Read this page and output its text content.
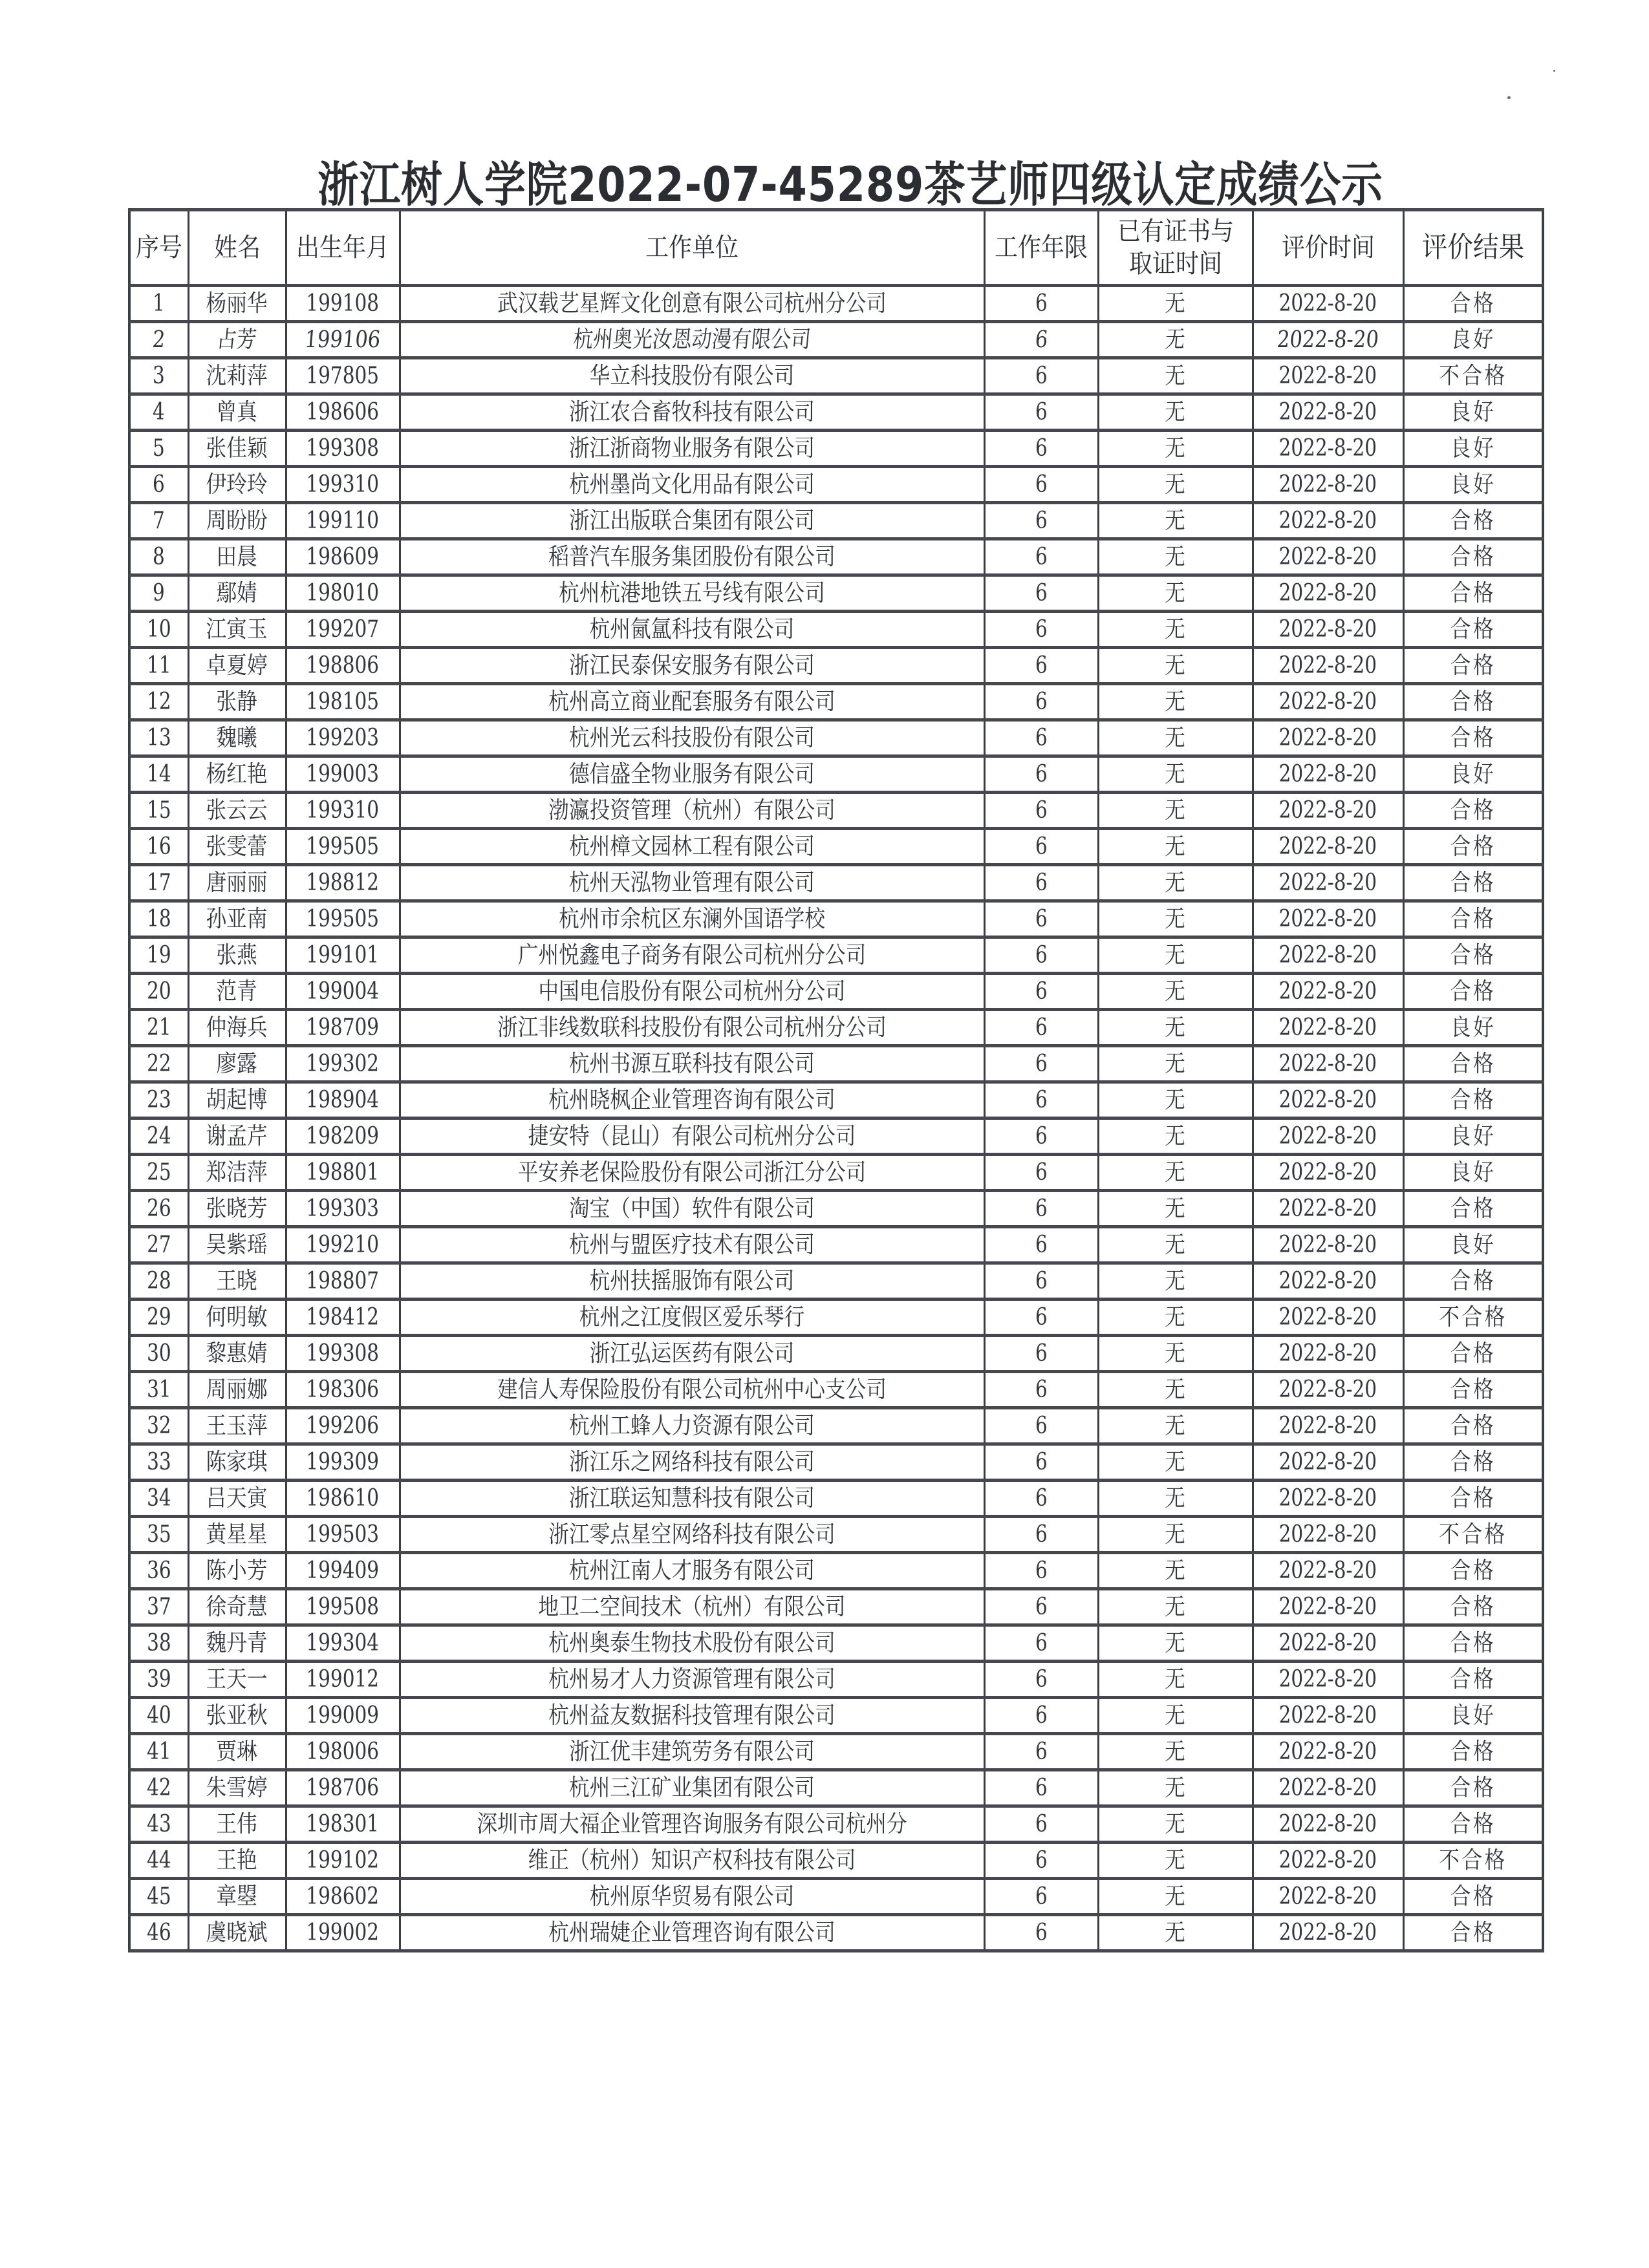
浙江树人学院2022-07-45289茶艺师四级认定成绩公示
序号	姓名	出生年月	工作单位	工作年限	已有证书与
取证时间	评价时间	评价结果
1	杨丽华	199108	武汉载艺星辉文化创意有限公司杭州分公司	6	无	2022-8-20	合格
2	占芳	199106	杭州奥光汝恩动漫有限公司	6	无	2022-8-20	良好
3	沈莉萍	197805	华立科技股份有限公司	6	无	2022-8-20	不合格
4	曾真	198606	浙江农合畜牧科技有限公司	6	无	2022-8-20	良好
5	张佳颖	199308	浙江浙商物业服务有限公司	6	无	2022-8-20	良好
6	伊玲玲	199310	杭州墨尚文化用品有限公司	6	无	2022-8-20	良好
7	周盼盼	199110	浙江出版联合集团有限公司	6	无	2022-8-20	合格
8	田晨	198609	稻普汽车服务集团股份有限公司	6	无	2022-8-20	合格
9	鄢婧	198010	杭州杭港地铁五号线有限公司	6	无	2022-8-20	合格
10	江寅玉	199207	杭州氤氲科技有限公司	6	无	2022-8-20	合格
11	卓夏婷	198806	浙江民泰保安服务有限公司	6	无	2022-8-20	合格
12	张静	198105	杭州高立商业配套服务有限公司	6	无	2022-8-20	合格
13	魏曦	199203	杭州光云科技股份有限公司	6	无	2022-8-20	合格
14	杨红艳	199003	德信盛全物业服务有限公司	6	无	2022-8-20	良好
15	张云云	199310	渤瀛投资管理（杭州）有限公司	6	无	2022-8-20	合格
16	张雯蕾	199505	杭州樟文园林工程有限公司	6	无	2022-8-20	合格
17	唐丽丽	198812	杭州天泓物业管理有限公司	6	无	2022-8-20	合格
18	孙亚南	199505	杭州市余杭区东澜外国语学校	6	无	2022-8-20	合格
19	张燕	199101	广州悦鑫电子商务有限公司杭州分公司	6	无	2022-8-20	合格
20	范青	199004	中国电信股份有限公司杭州分公司	6	无	2022-8-20	合格
21	仲海兵	198709	浙江非线数联科技股份有限公司杭州分公司	6	无	2022-8-20	良好
22	廖露	199302	杭州书源互联科技有限公司	6	无	2022-8-20	合格
23	胡起博	198904	杭州晓枫企业管理咨询有限公司	6	无	2022-8-20	合格
24	谢孟芹	198209	捷安特（昆山）有限公司杭州分公司	6	无	2022-8-20	良好
25	郑洁萍	198801	平安养老保险股份有限公司浙江分公司	6	无	2022-8-20	良好
26	张晓芳	199303	淘宝（中国）软件有限公司	6	无	2022-8-20	合格
27	吴紫瑶	199210	杭州与盟医疗技术有限公司	6	无	2022-8-20	良好
28	王晓	198807	杭州扶摇服饰有限公司	6	无	2022-8-20	合格
29	何明敏	198412	杭州之江度假区爱乐琴行	6	无	2022-8-20	不合格
30	黎惠婧	199308	浙江弘运医药有限公司	6	无	2022-8-20	合格
31	周丽娜	198306	建信人寿保险股份有限公司杭州中心支公司	6	无	2022-8-20	合格
32	王玉萍	199206	杭州工蜂人力资源有限公司	6	无	2022-8-20	合格
33	陈家琪	199309	浙江乐之网络科技有限公司	6	无	2022-8-20	合格
34	吕天寅	198610	浙江联运知慧科技有限公司	6	无	2022-8-20	合格
35	黄星星	199503	浙江零点星空网络科技有限公司	6	无	2022-8-20	不合格
36	陈小芳	199409	杭州江南人才服务有限公司	6	无	2022-8-20	合格
37	徐奇慧	199508	地卫二空间技术（杭州）有限公司	6	无	2022-8-20	合格
38	魏丹青	199304	杭州奥泰生物技术股份有限公司	6	无	2022-8-20	合格
39	王天一	199012	杭州易才人力资源管理有限公司	6	无	2022-8-20	合格
40	张亚秋	199009	杭州益友数据科技管理有限公司	6	无	2022-8-20	良好
41	贾琳	198006	浙江优丰建筑劳务有限公司	6	无	2022-8-20	合格
42	朱雪婷	198706	杭州三江矿业集团有限公司	6	无	2022-8-20	合格
43	王伟	198301	深圳市周大福企业管理咨询服务有限公司杭州分	6	无	2022-8-20	合格
44	王艳	199102	维正（杭州）知识产权科技有限公司	6	无	2022-8-20	不合格
45	章曌	198602	杭州原华贸易有限公司	6	无	2022-8-20	合格
46	虞晓斌	199002	杭州瑞婕企业管理咨询有限公司	6	无	2022-8-20	合格
